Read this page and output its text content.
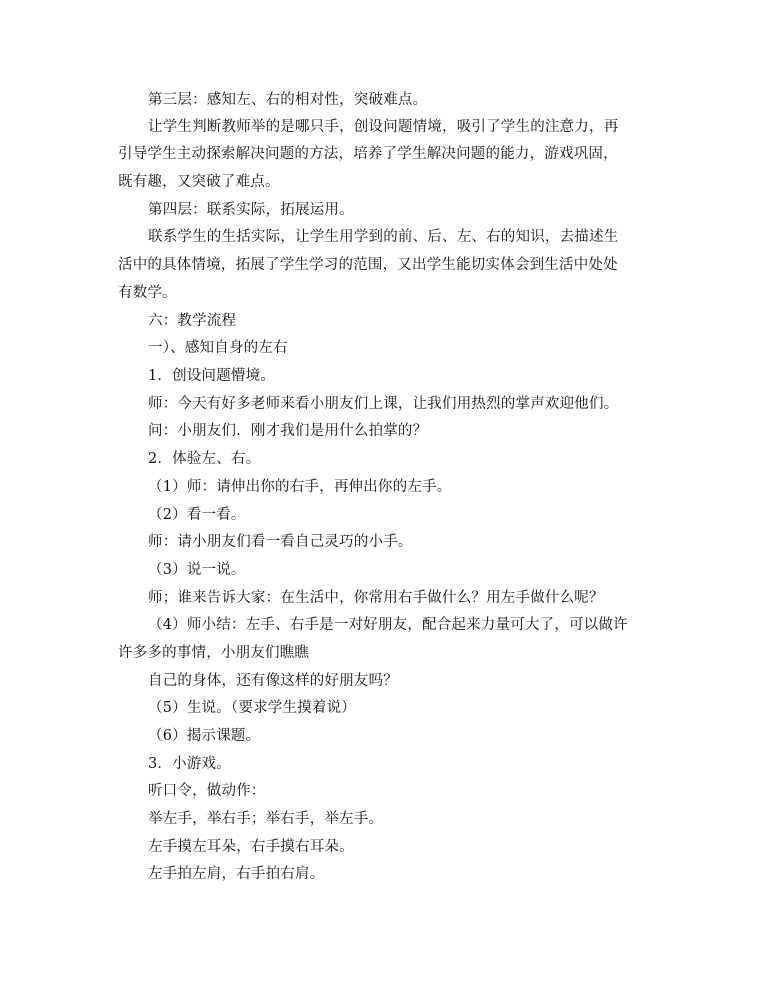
第三层：感知左、右的相对性，突破难点。
让学生判断教师举的是哪只手，创设问题情境，吸引了学生的注意力，再
引导学生主动探索解决问题的方法，培养了学生解决问题的能力，游戏巩固，
既有趣，又突破了难点。
第四层：联系实际，拓展运用。
联系学生的生括实际，让学生用学到的前、后、左、右的知识，去描述生
活中的具体情境，拓展了学生学习的范围，又出学生能切实体会到生活中处处
有数学。
六：教学流程
一）、感知自身的左右
1．创设问题懵境。
师：今天有好多老师来看小朋友们上课，让我们用热烈的掌声欢迎他们。
问：小朋友们．刚才我们是用什么拍掌的？
2．体验左、右。
（1）师：请伸出你的右手，再伸出你的左手。
（2）看一看。
师：请小朋友们看一看自己灵巧的小手。
（3）说一说。
师；谁来告诉大家：在生活中，你常用右手做什么？用左手做什么呢？
（4）师小结：左手、右手是一对好朋友，配合起来力量可大了，可以做许
许多多的事情，小朋友们瞧瞧
自己的身体，还有像这样的好朋友吗？
（5）生说。（要求学生摸着说）
（6）揭示课题。
3．小游戏。
听口令，做动作：
举左手，举右手；举右手，举左手。
左手摸左耳朵，右手摸右耳朵。
左手拍左肩，右手拍右肩。
